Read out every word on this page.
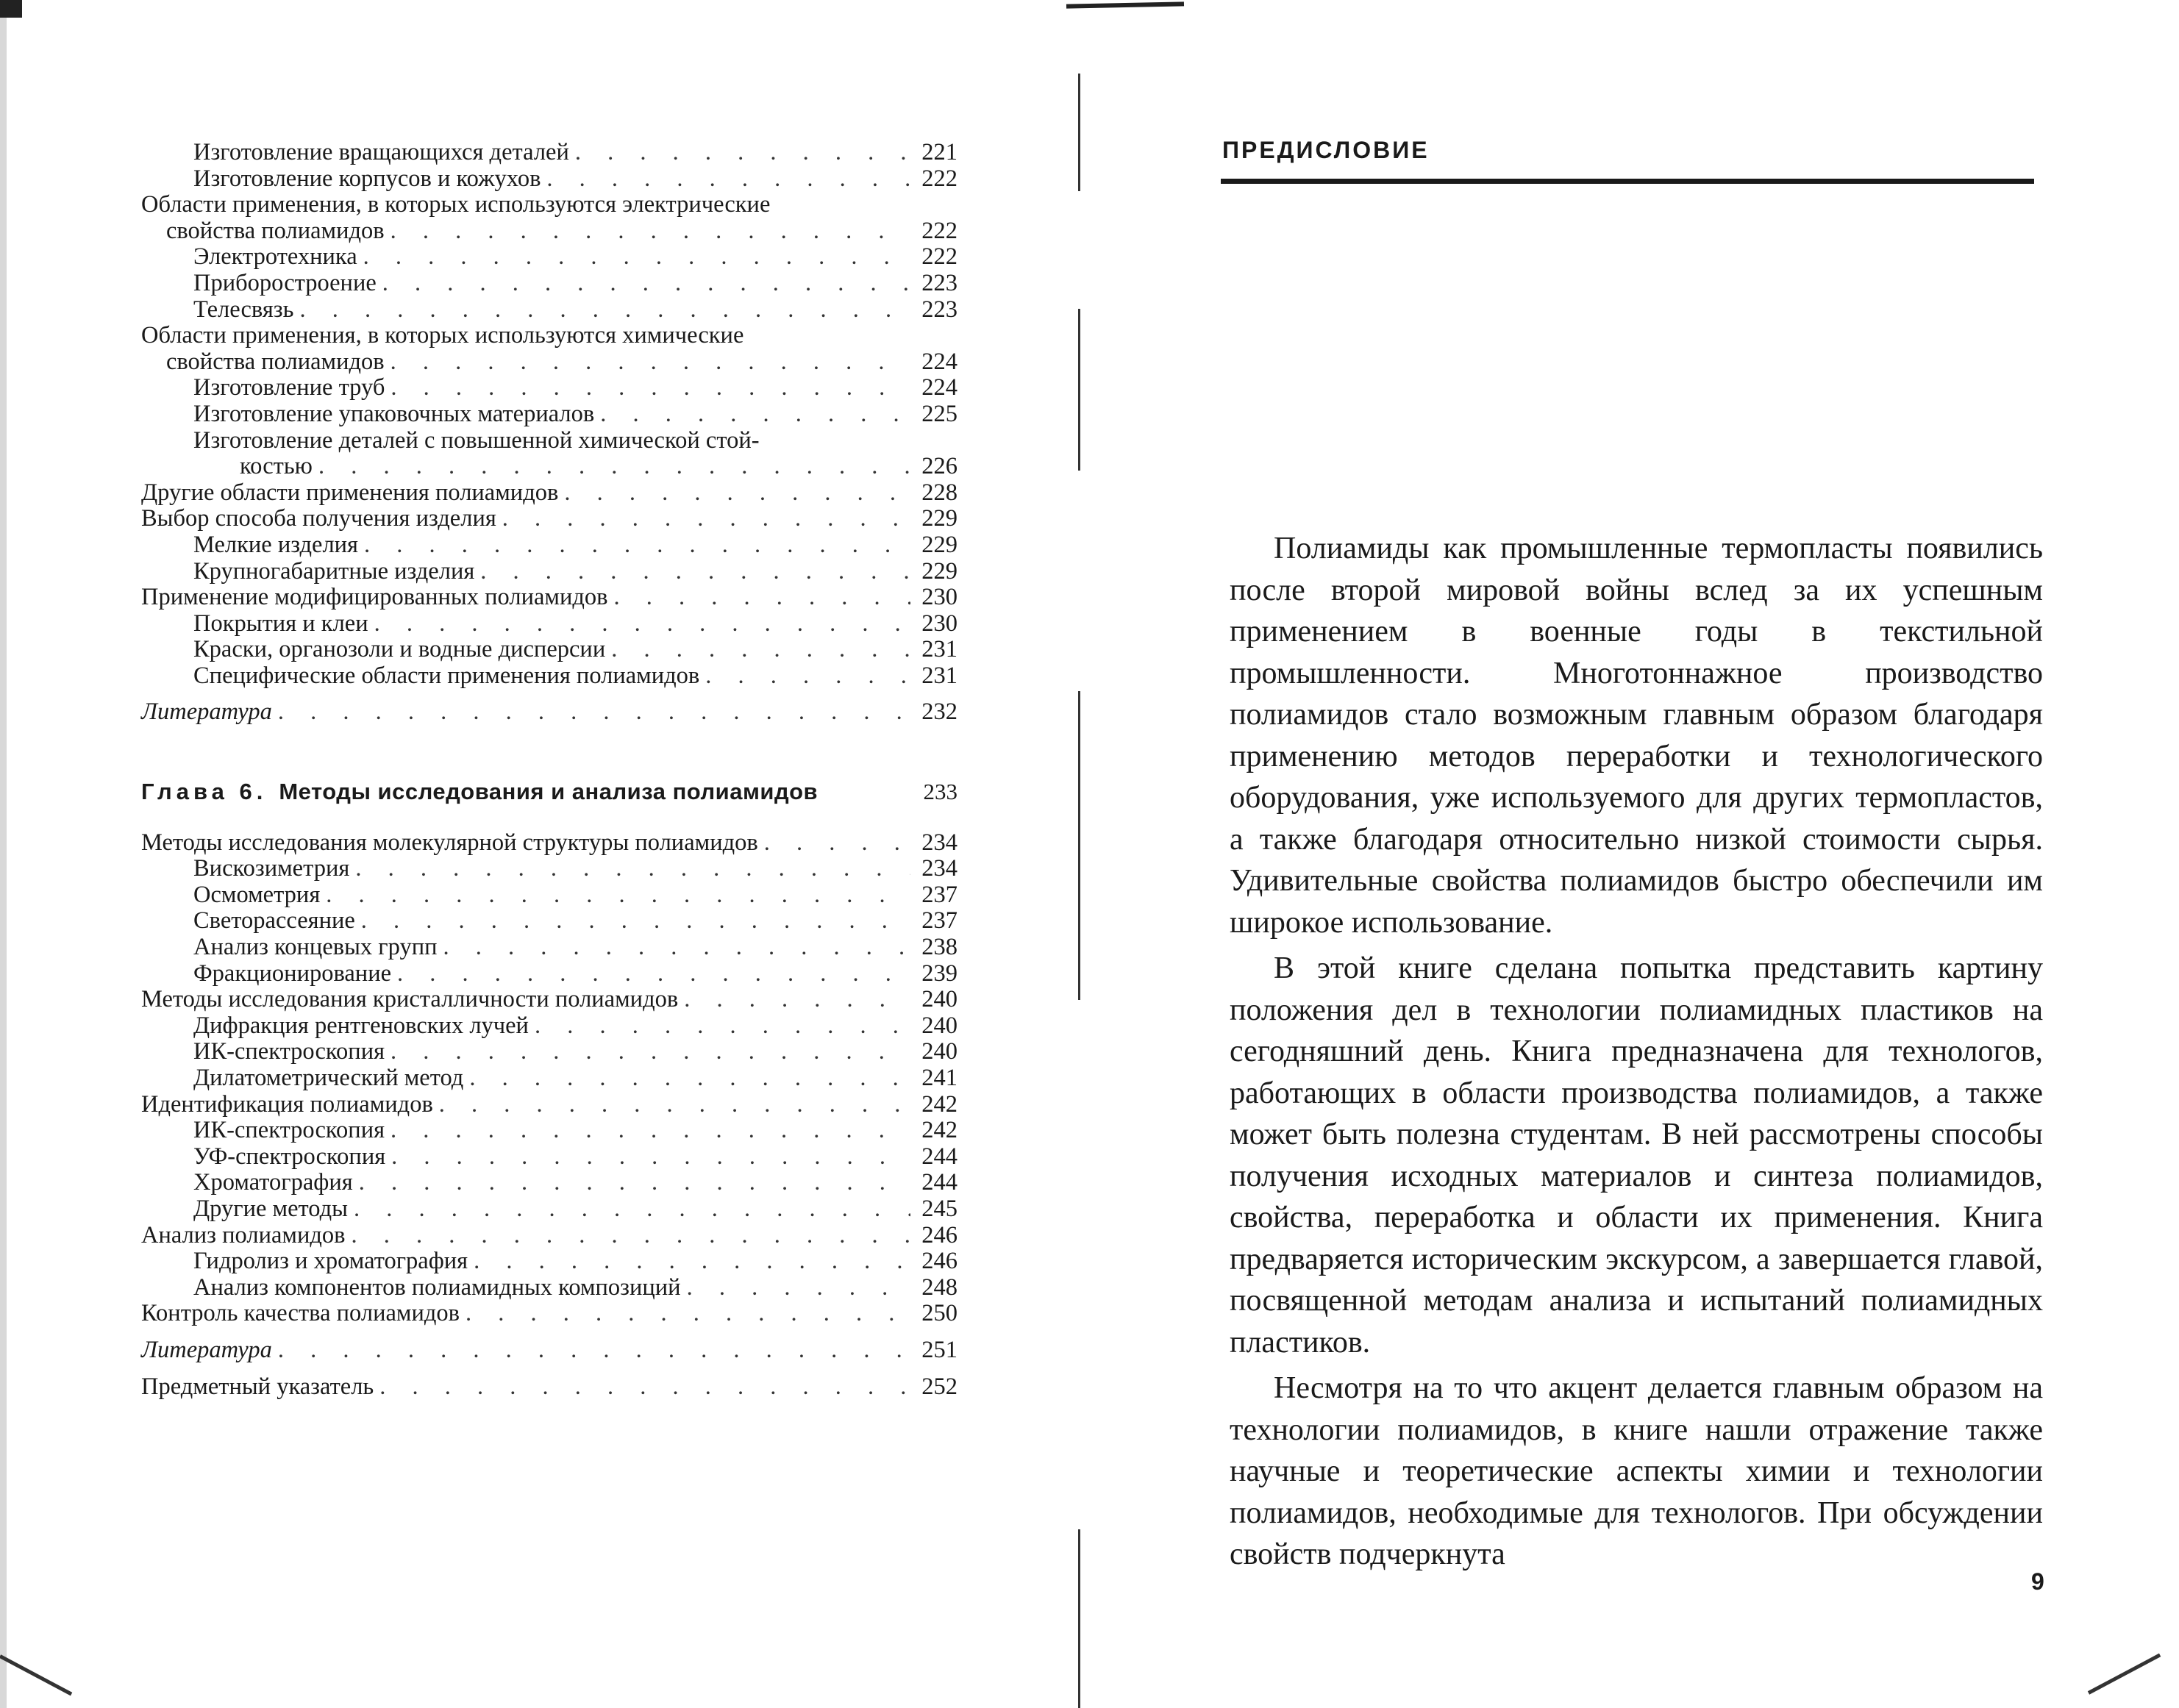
Изготовление вращающихся деталей . . .	221
Изготовление корпусов и кожухов . . .	222
Области применения, в которых используются электрические
свойства полиамидов . . .	222
Электротехника . . .	222
Приборостроение . . .	223
Телесвязь . . .	223
Области применения, в которых используются химические
свойства полиамидов . . .	224
Изготовление труб . . .	224
Изготовление упаковочных материалов . . .	225
Изготовление деталей с повышенной химической стой-
костью . . .	226
Другие области применения полиамидов . . .	228
Выбор способа получения изделия . . .	229
Мелкие изделия . . .	229
Крупногабаритные изделия . . .	229
Применение модифицированных полиамидов . . .	230
Покрытия и клеи . . .	230
Краски, органозоли и водные дисперсии . . .	231
Специфические области применения полиамидов . . .	231
Литература . . .	232
Глава 6. Методы исследования и анализа полиамидов	233
Методы исследования молекулярной структуры полиамидов . . .	234
Вискозиметрия . . .	234
Осмометрия . . .	237
Светорассеяние . . .	237
Анализ концевых групп . . .	238
Фракционирование . . .	239
Методы исследования кристалличности полиамидов . . .	240
Дифракция рентгеновских лучей . . .	240
ИК-спектроскопия . . .	240
Дилатометрический метод . . .	241
Идентификация полиамидов . . .	242
ИК-спектроскопия . . .	242
УФ-спектроскопия . . .	244
Хроматография . . .	244
Другие методы . . .	245
Анализ полиамидов . . .	246
Гидролиз и хроматография . . .	246
Анализ компонентов полиамидных композиций . . .	248
Контроль качества полиамидов . . .	250
Литература . . .	251
Предметный указатель . . .	252
ПРЕДИСЛОВИЕ

Полиамиды как промышленные термопласты появились после второй мировой войны вслед за их успешным применением в военные годы в текстильной промышленности. Многотоннажное производство полиамидов стало возможным главным образом благодаря применению методов переработки и технологического оборудования, уже используемого для других термопластов, а также благодаря относительно низкой стоимости сырья. Удивительные свойства полиамидов быстро обеспечили им широкое использование.

В этой книге сделана попытка представить картину положения дел в технологии полиамидных пластиков на сегодняшний день. Книга предназначена для технологов, работающих в области производства полиамидов, а также может быть полезна студентам. В ней рассмотрены способы получения исходных материалов и синтеза полиамидов, свойства, переработка и области их применения. Книга предваряется историческим экскурсом, а завершается главой, посвященной методам анализа и испытаний полиамидных пластиков.

Несмотря на то что акцент делается главным образом на технологии полиамидов, в книге нашли отражение также научные и теоретические аспекты химии и технологии полиамидов, необходимые для технологов. При обсуждении свойств подчеркнута

9
